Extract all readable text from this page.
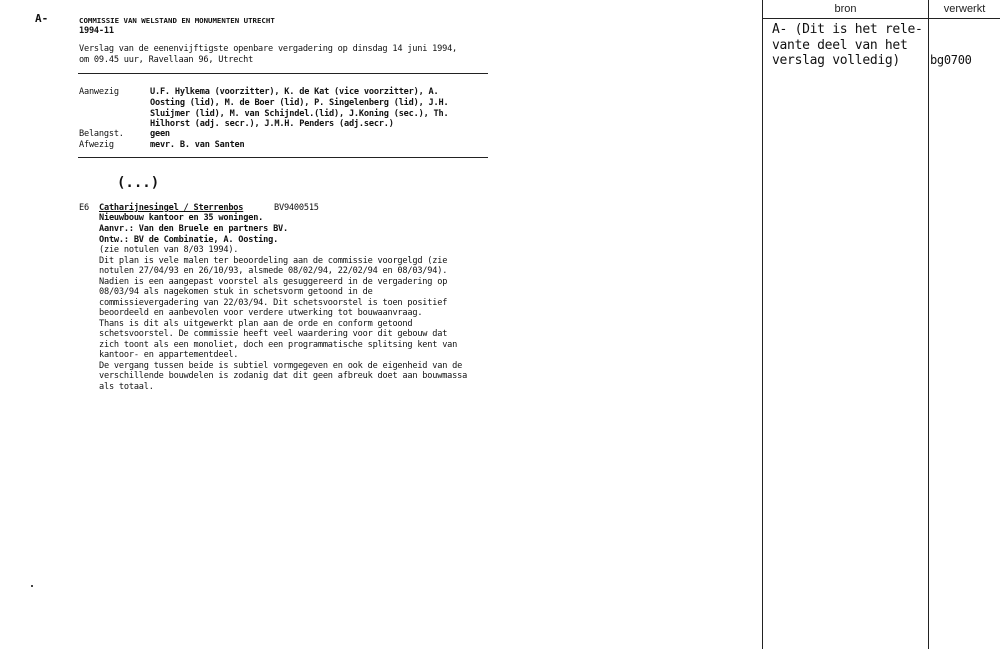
A-	COMMISSIE VAN WELSTAND EN MONUMENTEN UTRECHT
1994-11
Verslag van de eenenvijftigste openbare vergadering op dinsdag 14 juni 1994,
om 09.45 uur, Ravellaan 96, Utrecht
Aanwezig	U.F. Hylkema (voorzitter), K. de Kat (vice voorzitter), A.
Oosting (lid), M. de Boer (lid), P. Singelenberg (lid), J.H.
Sluijmer (lid), M. van Schijndel.(lid), J.Koning (sec.), Th.
Hilhorst (adj. secr.), J.M.H. Penders (adj.secr.)
Belangst.	geen
Afwezig	mevr. B. van Santen
(...)
E6 Catharijnesingel / Sterrenbos	BV9400515
Nieuwbouw kantoor en 35 woningen.
Aanvr.: Van den Bruele en partners BV.
Ontw.: BV de Combinatie, A. Oosting.
(zie notulen van 8/03 1994).
Dit plan is vele malen ter beoordeling aan de commissie voorgelgd (zie
notulen 27/04/93 en 26/10/93, alsmede 08/02/94, 22/02/94 en 08/03/94).
Nadien is een aangepast voorstel als gesuggereerd in de vergadering op
08/03/94 als nagekomen stuk in schetsvorm getoond in de
commissievergadering van 22/03/94. Dit schetsvoorstel is toen positief
beoordeeld en aanbevolen voor verdere utwerking tot bouwaanvraag.
Thans is dit als uitgewerkt plan aan de orde en conform getoond
schetsvoorstel. De commissie heeft veel waardering voor dit gebouw dat
zich toont als een monoliet, doch een programmatische splitsing kent van
kantoor- en appartementdeel.
De vergang tussen beide is subtiel vormgegeven en ook de eigenheid van de
verschillende bouwdelen is zodanig dat dit geen afbreuk doet aan bouwmassa
als totaal.
bron	verwerkt
A- (Dit is het rele-
vante deel van het
verslag volledig)	bg0700
